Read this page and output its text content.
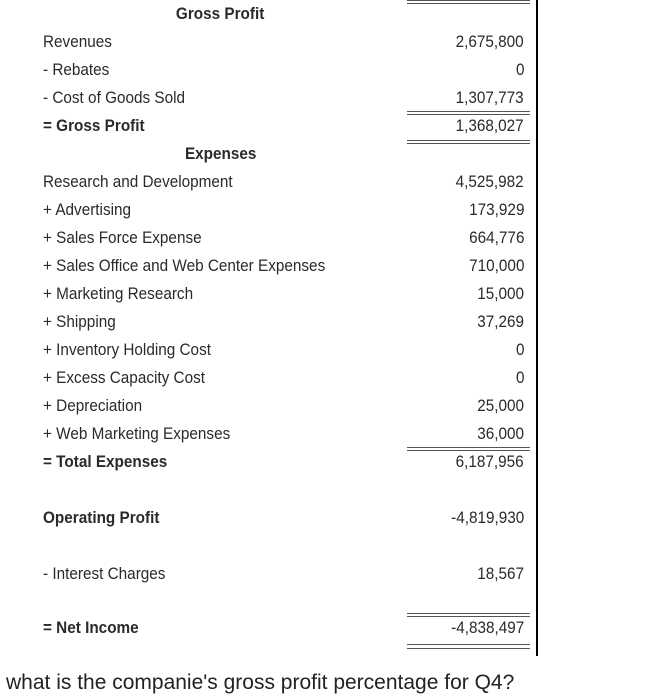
Gross Profit
Revenues	2,675,800
- Rebates	0
- Cost of Goods Sold	1,307,773
= Gross Profit	1,368,027
Expenses
Research and Development	4,525,982
+ Advertising	173,929
+ Sales Force Expense	664,776
+ Sales Office and Web Center Expenses	710,000
+ Marketing Research	15,000
+ Shipping	37,269
+ Inventory Holding Cost	0
+ Excess Capacity Cost	0
+ Depreciation	25,000
+ Web Marketing Expenses	36,000
= Total Expenses	6,187,956
Operating Profit	-4,819,930
- Interest Charges	18,567
= Net Income	-4,838,497
what is the companie's gross profit percentage for Q4?
